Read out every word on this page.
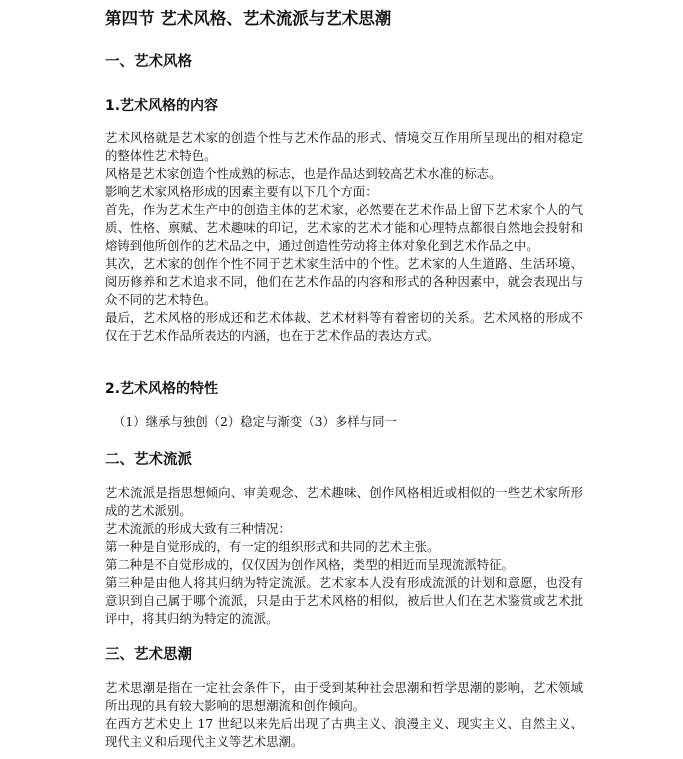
第四节 艺术风格、艺术流派与艺术思潮
一、艺术风格
1.艺术风格的内容

艺术风格就是艺术家的创造个性与艺术作品的形式、情境交互作用所呈现出的相对稳定的整体性艺术特色。

风格是艺术家创造个性成熟的标志，也是作品达到较高艺术水准的标志。

影响艺术家风格形成的因素主要有以下几个方面：

首先，作为艺术生产中的创造主体的艺术家，必然要在艺术作品上留下艺术家个人的气质、性格、禀赋、艺术趣味的印记，艺术家的艺术才能和心理特点都很自然地会投射和熔铸到他所创作的艺术品之中，通过创造性劳动将主体对象化到艺术作品之中。

其次，艺术家的创作个性不同于艺术家生活中的个性。艺术家的人生道路、生活环境、阅历修养和艺术追求不同，他们在艺术作品的内容和形式的各种因素中，就会表现出与众不同的艺术特色。

最后，艺术风格的形成还和艺术体裁、艺术材料等有着密切的关系。艺术风格的形成不仅在于艺术作品所表达的内涵，也在于艺术作品的表达方式。

2.艺术风格的特性
（1）继承与独创（2）稳定与渐变（3）多样与同一
二、艺术流派

艺术流派是指思想倾向、审美观念、艺术趣味、创作风格相近或相似的一些艺术家所形成的艺术派别。

艺术流派的形成大致有三种情况：

第一种是自觉形成的，有一定的组织形式和共同的艺术主张。

第二种是不自觉形成的，仅仅因为创作风格，类型的相近而呈现流派特征。

第三种是由他人将其归纳为特定流派。艺术家本人没有形成流派的计划和意愿，也没有意识到自己属于哪个流派，只是由于艺术风格的相似，被后世人们在艺术鉴赏或艺术批评中，将其归纳为特定的流派。

三、艺术思潮

艺术思潮是指在一定社会条件下，由于受到某种社会思潮和哲学思潮的影响，艺术领域所出现的具有较大影响的思想潮流和创作倾向。

在西方艺术史上 17 世纪以来先后出现了古典主义、浪漫主义、现实主义、自然主义、现代主义和后现代主义等艺术思潮。
